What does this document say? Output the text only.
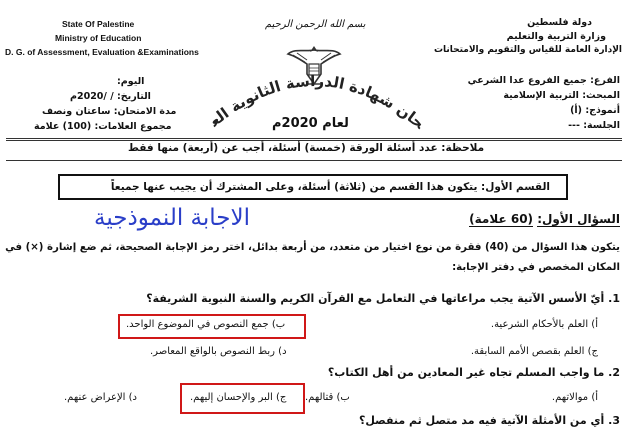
State Of Palestine
Ministry of Education
D. G. of Assessment, Evaluation &Examinations
دولة فلسطين
وزارة التربية والتعليم
الإدارة العامة للقياس والتقويم والامتحانات
بسم الله الرحمن الرحيم
امتحان شهادة الدراسة الثانوية العامة
لعام 2020م
الفرع: جميع الفروع عدا الشرعي
المبحث: التربية الإسلامية
أنموذج: (أ)
الجلسة: ---
اليوم:
التاريخ: / /2020م
مدة الامتحان: ساعتان ونصف
مجموع العلامات: (100) علامة
ملاحظة: عدد أسئلة الورقة (خمسة) أسئلة، أجب عن (أربعة) منها فقط
القسم الأول: يتكون هذا القسم من (ثلاثة) أسئلة، وعلى المشترك أن يجيب عنها جميعاً
الاجابة النموذجية	السؤال الأول: (60 علامة)
يتكون هذا السؤال من (40) فقرة من نوع اختيار من متعدد، من أربعة بدائل، اختر رمز الإجابة الصحيحة، ثم ضع إشارة (×) في
المكان المخصص في دفتر الإجابة:
1. أيّ الأسس الآتية يجب مراعاتها في التعامل مع القرآن الكريم والسنة النبوية الشريفة؟
أ) العلم بالأحكام الشرعية.
ب) جمع النصوص في الموضوع الواحد.
ج) العلم بقصص الأمم السابقة.
د) ربط النصوص بالواقع المعاصر.
2. ما واجب المسلم تجاه غير المعادين من أهل الكتاب؟
أ) موالاتهم.
ب) قتالهم.
ج) البر والإحسان إليهم.
د) الإعراض عنهم.
3. أي من الأمثلة الآتية فيه مد متصل ثم منفصل؟
